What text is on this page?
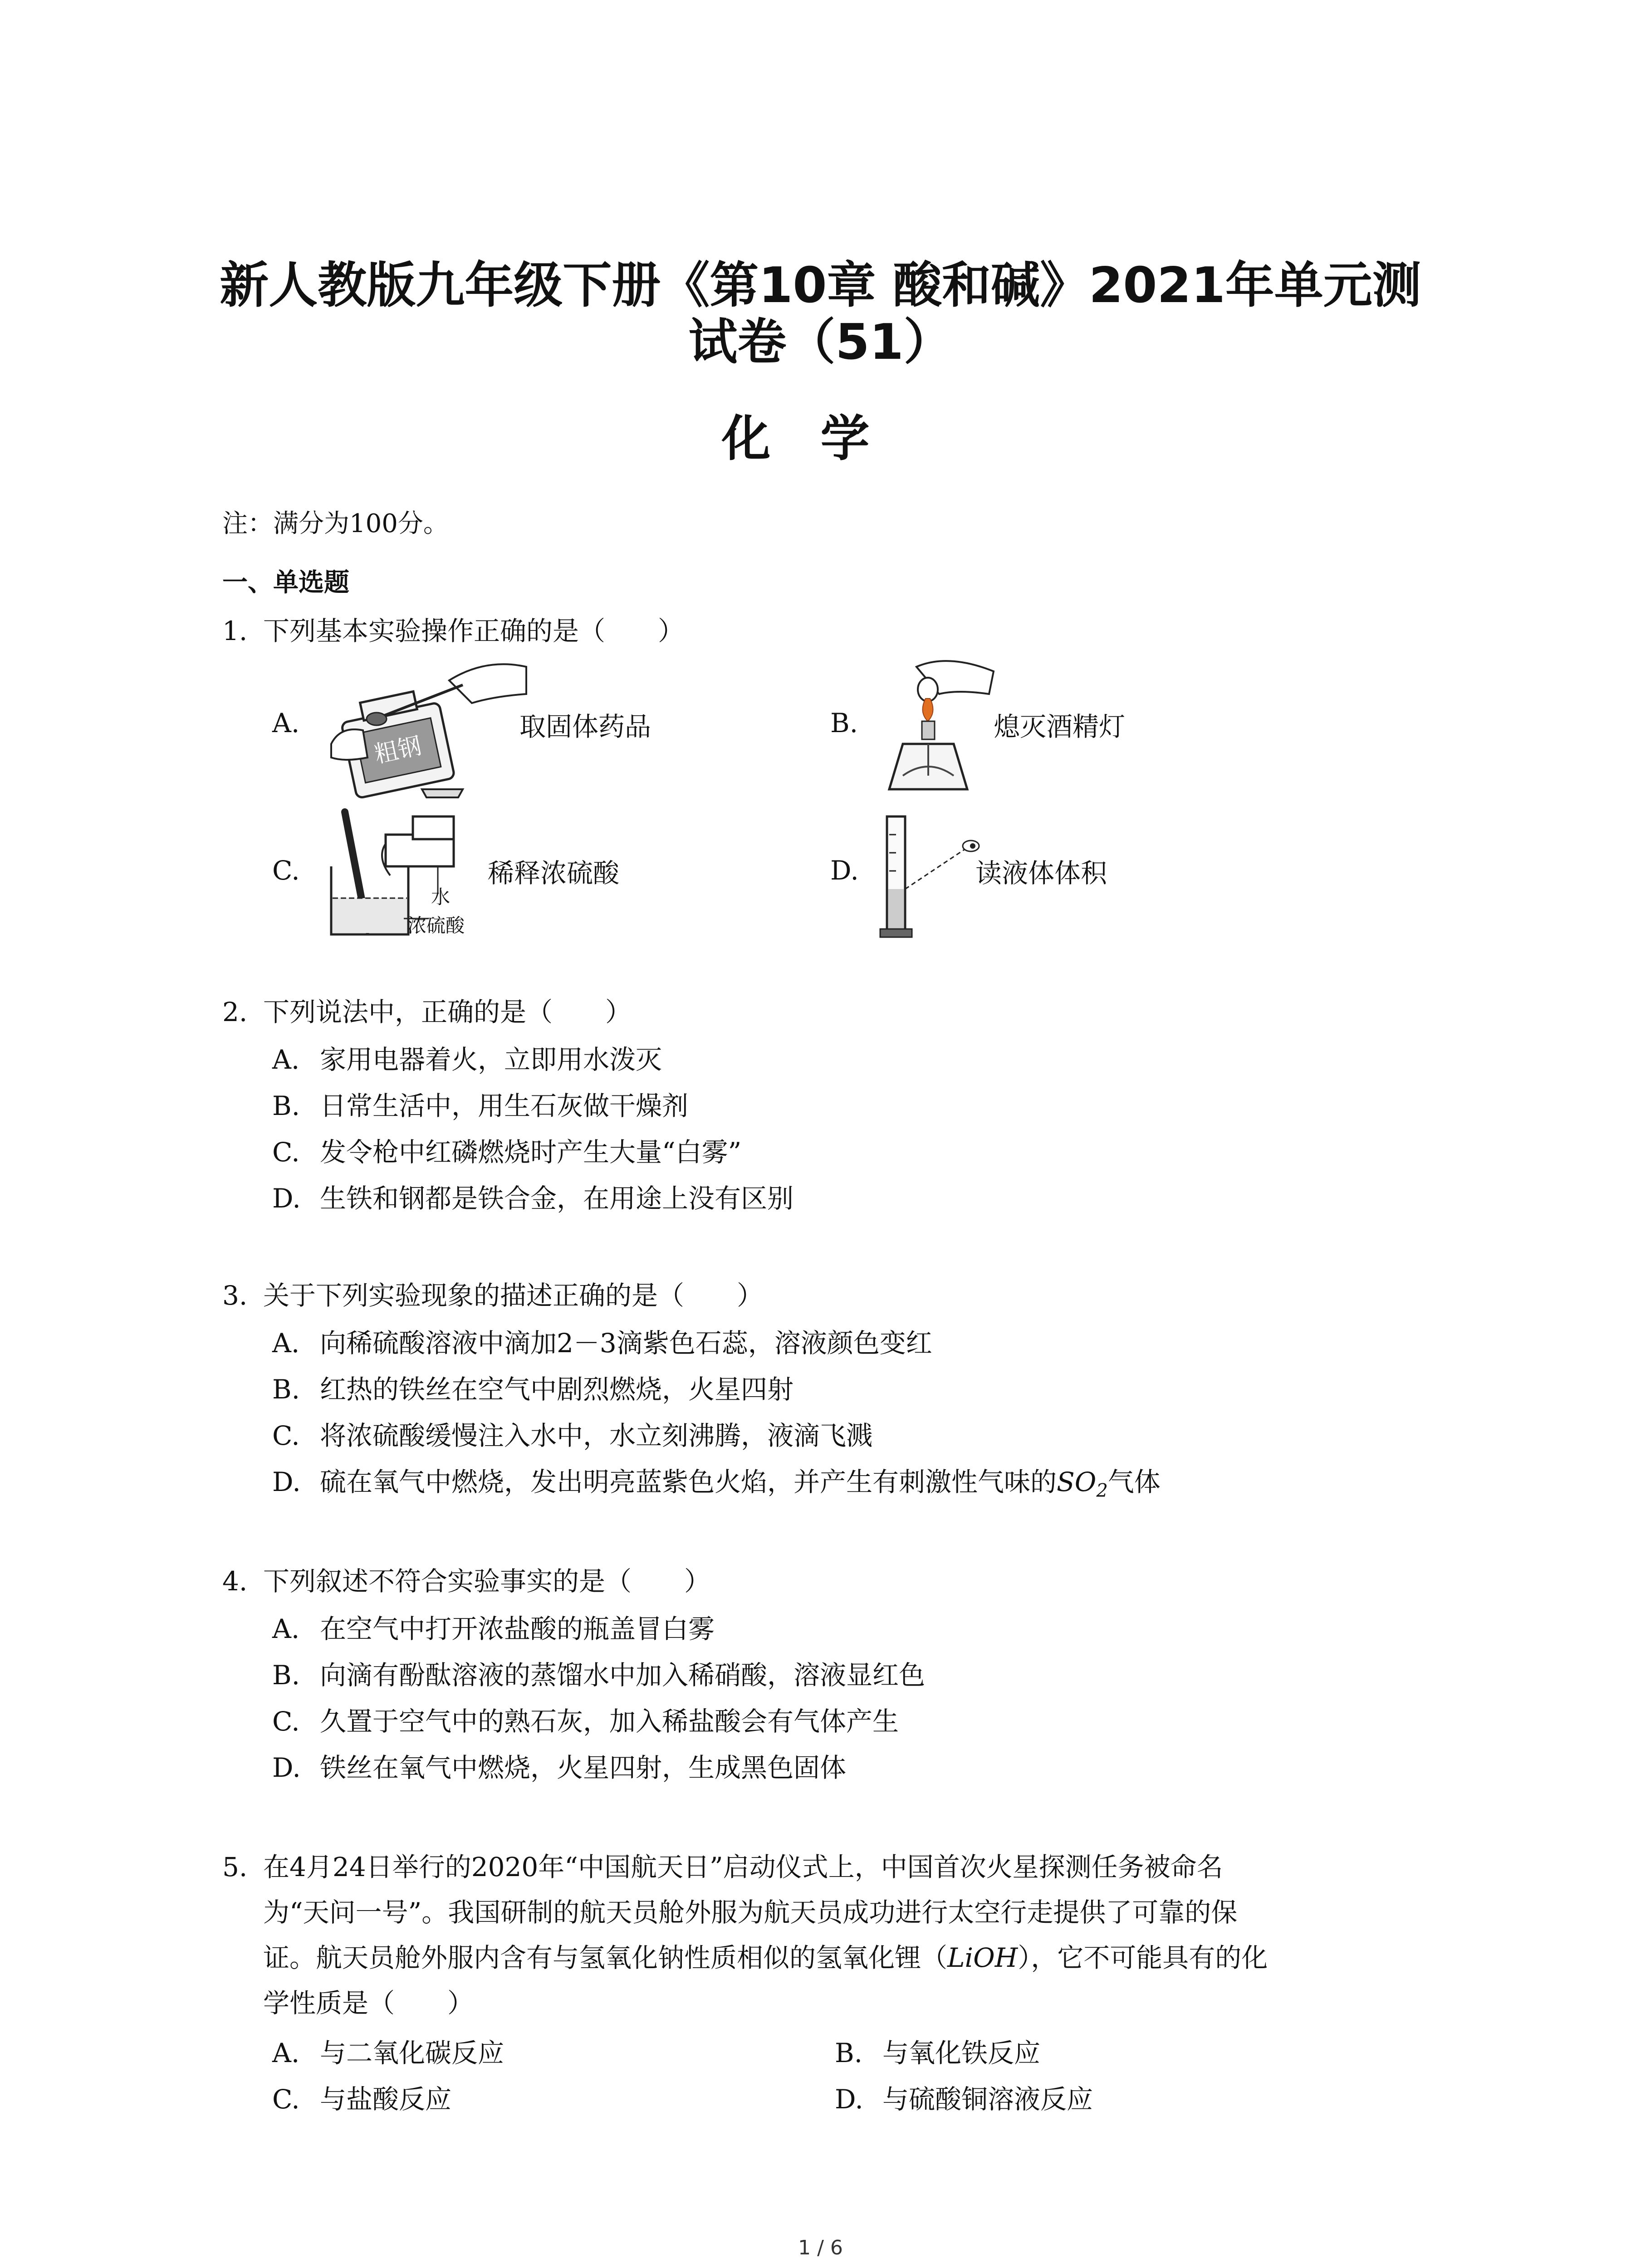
新人教版九年级下册《第10章 酸和碱》2021年单元测
试卷（51）
化学
注：满分为100分。
一、单选题
1. 下列基本实验操作正确的是（　　）
A.
粗钢
取固体药品	B.	熄灭酒精灯
C.
水
浓硫酸
稀释浓硫酸	D.	读液体体积
2. 下列说法中，正确的是（　　）
A. 家用电器着火，立即用水泼灭
B. 日常生活中，用生石灰做干燥剂
C. 发令枪中红磷燃烧时产生大量“白雾”
D. 生铁和钢都是铁合金，在用途上没有区别
3. 关于下列实验现象的描述正确的是（　　）
A. 向稀硫酸溶液中滴加2－3滴紫色石蕊，溶液颜色变红
B. 红热的铁丝在空气中剧烈燃烧，火星四射
C. 将浓硫酸缓慢注入水中，水立刻沸腾，液滴飞溅
D. 硫在氧气中燃烧，发出明亮蓝紫色火焰，并产生有刺激性气味的$SO_2$气体
4. 下列叙述不符合实验事实的是（　　）
A. 在空气中打开浓盐酸的瓶盖冒白雾
B. 向滴有酚酞溶液的蒸馏水中加入稀硝酸，溶液显红色
C. 久置于空气中的熟石灰，加入稀盐酸会有气体产生
D. 铁丝在氧气中燃烧，火星四射，生成黑色固体
5. 在4月24日举行的2020年“中国航天日”启动仪式上，中国首次火星探测任务被命名
为“天问一号”。我国研制的航天员舱外服为航天员成功进行太空行走提供了可靠的保
证。航天员舱外服内含有与氢氧化钠性质相似的氢氧化锂（LiOH），它不可能具有的化
学性质是（　　）
A. 与二氧化碳反应	B. 与氧化铁反应
C. 与盐酸反应	D. 与硫酸铜溶液反应
1 / 6
